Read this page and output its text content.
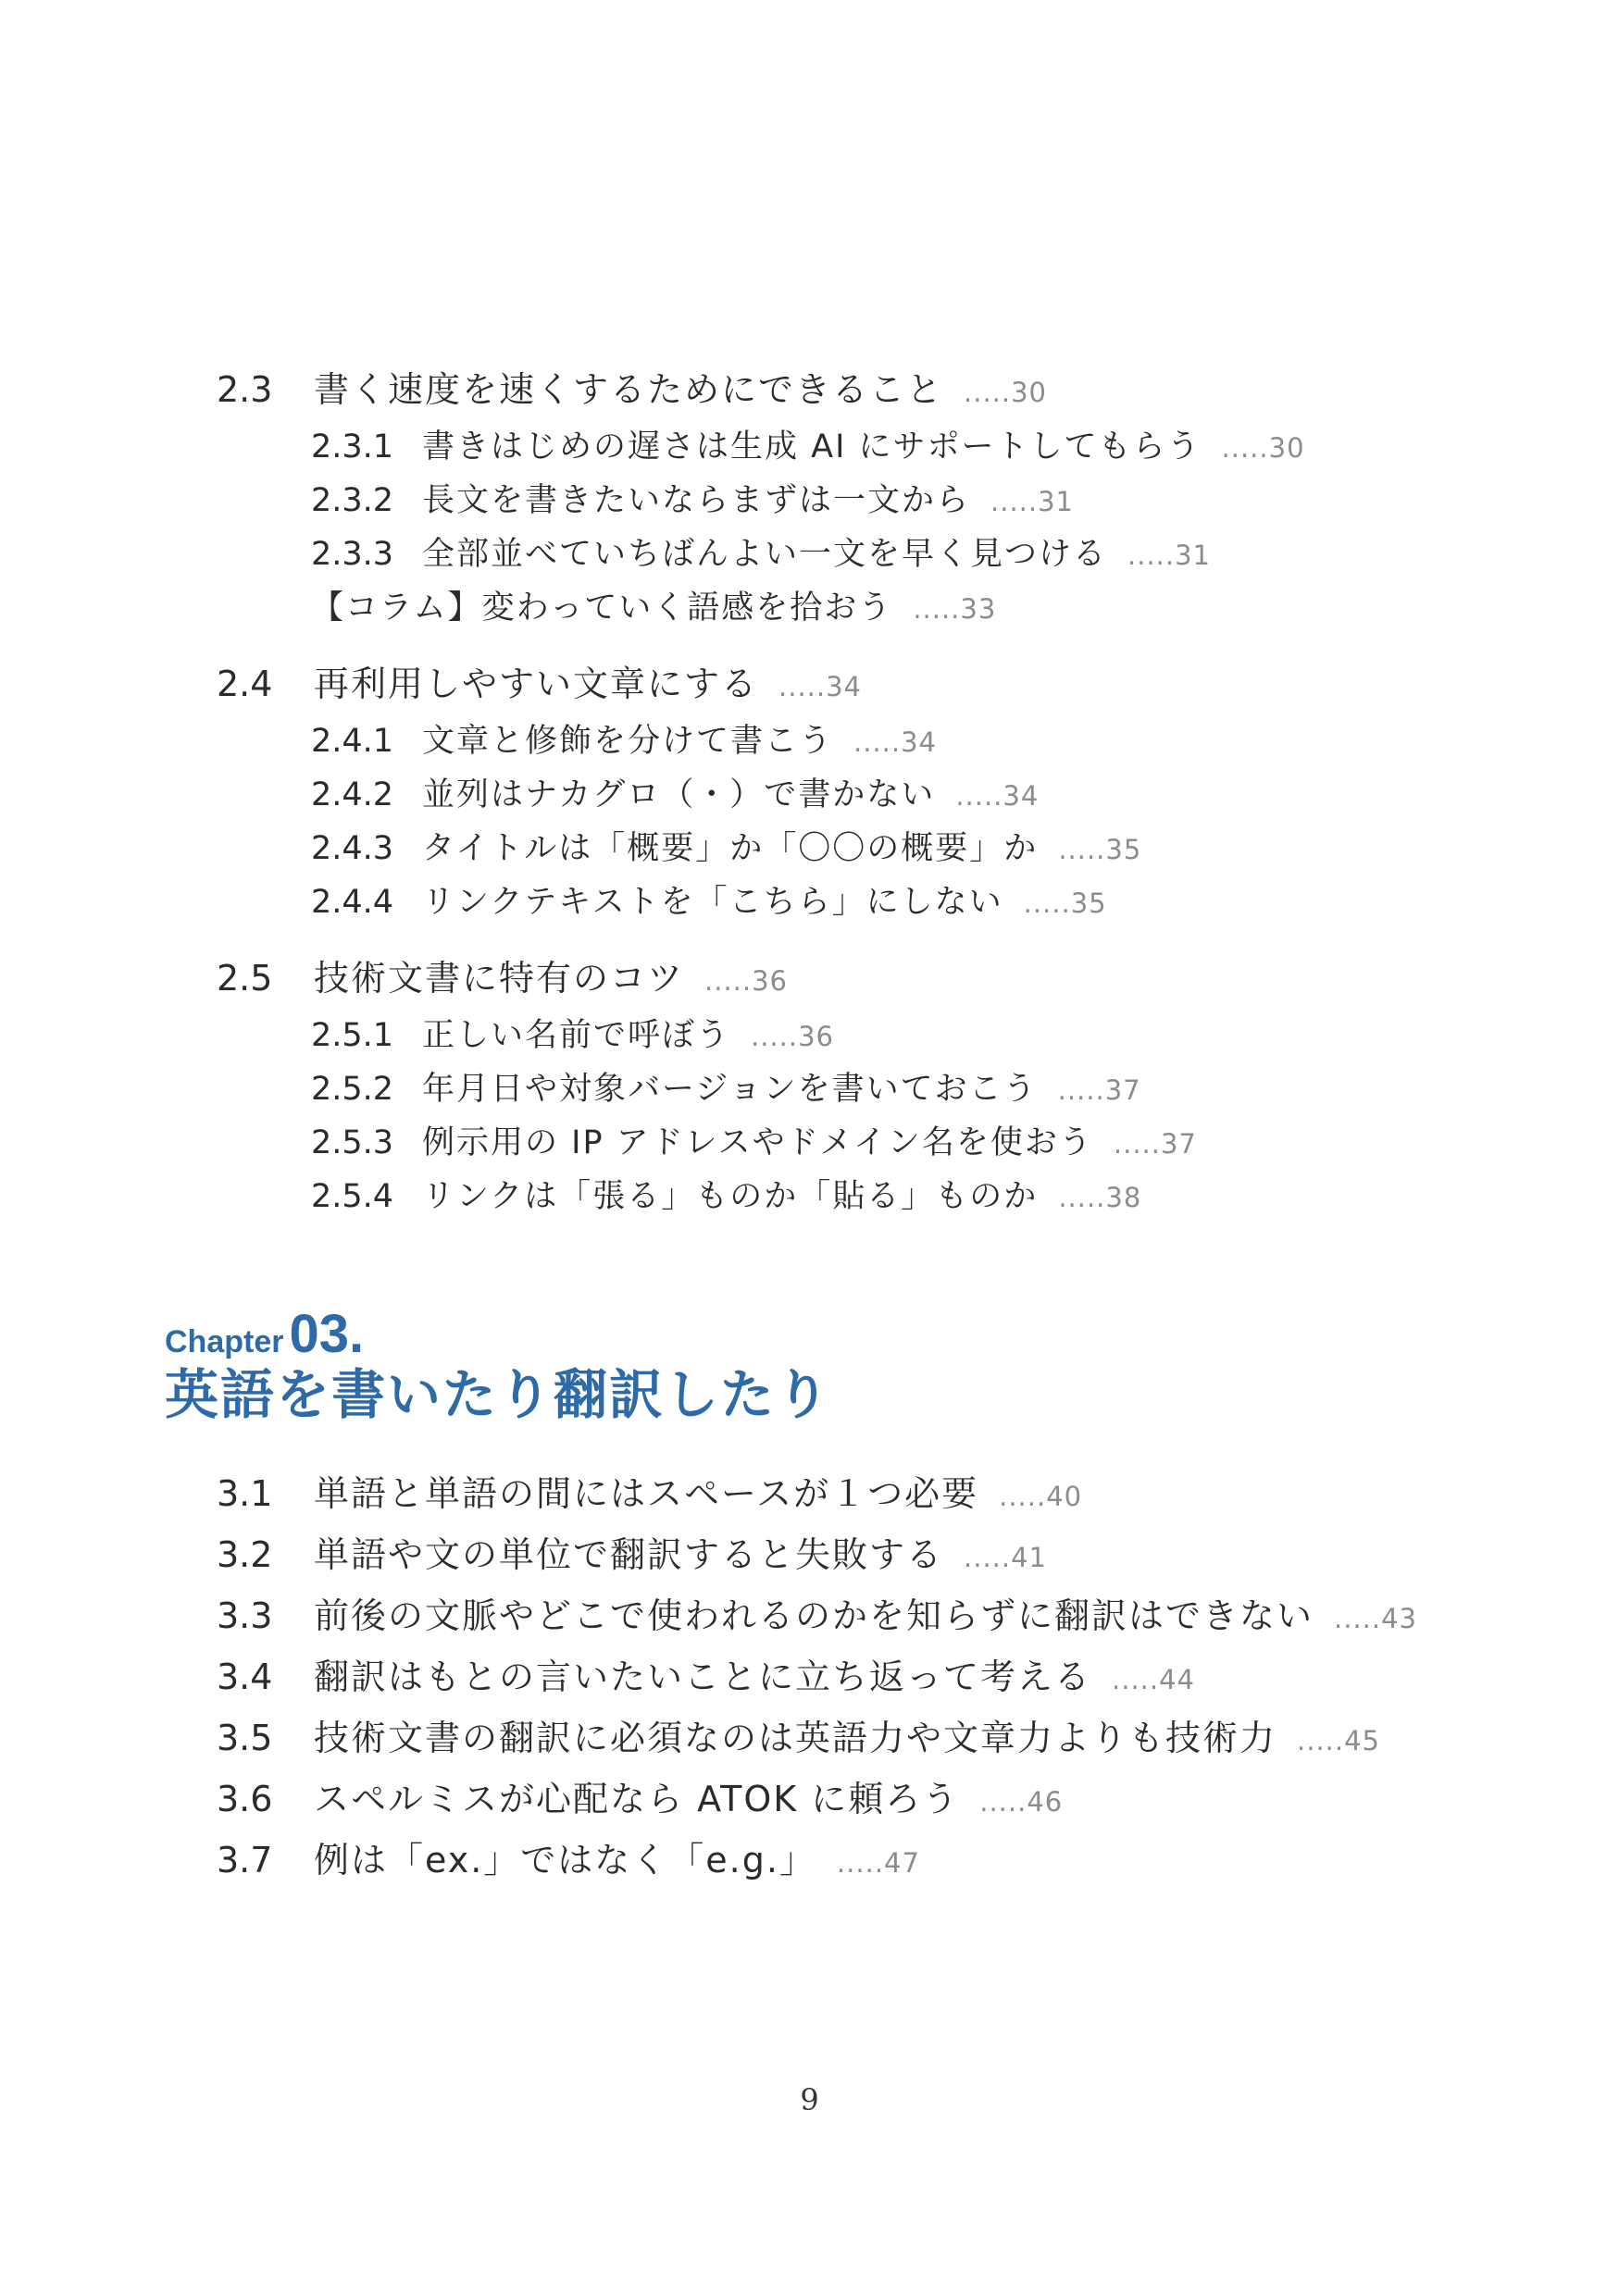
2.3 書く速度を速くするためにできること .....30
2.3.1 書きはじめの遅さは生成 AI にサポートしてもらう .....30
2.3.2 長文を書きたいならまずは一文から .....31
2.3.3 全部並べていちばんよい一文を早く見つける .....31
【コラム】変わっていく語感を拾おう .....33
2.4 再利用しやすい文章にする .....34
2.4.1 文章と修飾を分けて書こう .....34
2.4.2 並列はナカグロ（・）で書かない .....34
2.4.3 タイトルは「概要」か「〇〇の概要」か .....35
2.4.4 リンクテキストを「こちら」にしない .....35
2.5 技術文書に特有のコツ .....36
2.5.1 正しい名前で呼ぼう .....36
2.5.2 年月日や対象バージョンを書いておこう .....37
2.5.3 例示用の IP アドレスやドメイン名を使おう .....37
2.5.4 リンクは「張る」ものか「貼る」ものか .....38
Chapter 03.
英語を書いたり翻訳したり
3.1 単語と単語の間にはスペースが１つ必要 .....40
3.2 単語や文の単位で翻訳すると失敗する .....41
3.3 前後の文脈やどこで使われるのかを知らずに翻訳はできない .....43
3.4 翻訳はもとの言いたいことに立ち返って考える .....44
3.5 技術文書の翻訳に必須なのは英語力や文章力よりも技術力 .....45
3.6 スペルミスが心配なら ATOK に頼ろう .....46
3.7 例は「ex.」ではなく「e.g.」 .....47
9
